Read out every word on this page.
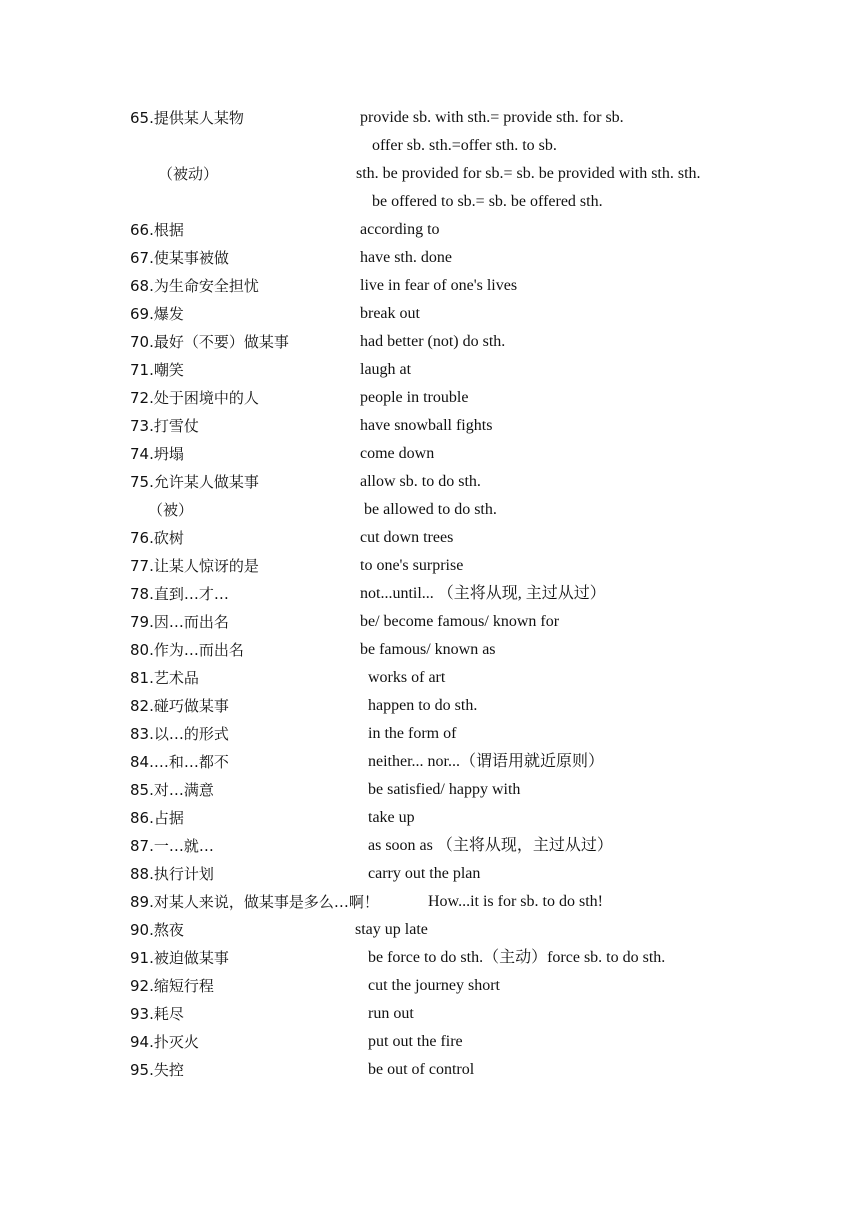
65.提供某人某物	provide sb. with sth.= provide sth. for sb.
offer sb. sth.=offer sth. to sb.
（被动）	sth. be provided for sb.= sb. be provided with sth. sth.
be offered to sb.= sb. be offered sth.
66.根据	according to
67.使某事被做	have sth. done
68.为生命安全担忧	live in fear of one's lives
69.爆发	break out
70.最好（不要）做某事	had better (not) do sth.
71.嘲笑	laugh at
72.处于困境中的人	people in trouble
73.打雪仗	have snowball fights
74.坍塌	come down
75.允许某人做某事	allow sb. to do sth.
（被）	be allowed to do sth.
76.砍树	cut down trees
77.让某人惊讶的是	to one's surprise
78.直到…才…	not...until... （主将从现, 主过从过）
79.因…而出名	be/ become famous/ known for
80.作为…而出名	be famous/ known as
81.艺术品	works of art
82.碰巧做某事	happen to do sth.
83.以…的形式	in the form of
84.…和…都不	neither... nor...（谓语用就近原则）
85.对…满意	be satisfied/ happy with
86.占据	take up
87.一…就…	as soon as （主将从现，主过从过）
88.执行计划	carry out the plan
89.对某人来说，做某事是多么…啊！	How...it is for sb. to do sth!
90.熬夜	stay up late
91.被迫做某事	be force to do sth.（主动）force sb. to do sth.
92.缩短行程	cut the journey short
93.耗尽	run out
94.扑灭火	put out the fire
95.失控	be out of control
